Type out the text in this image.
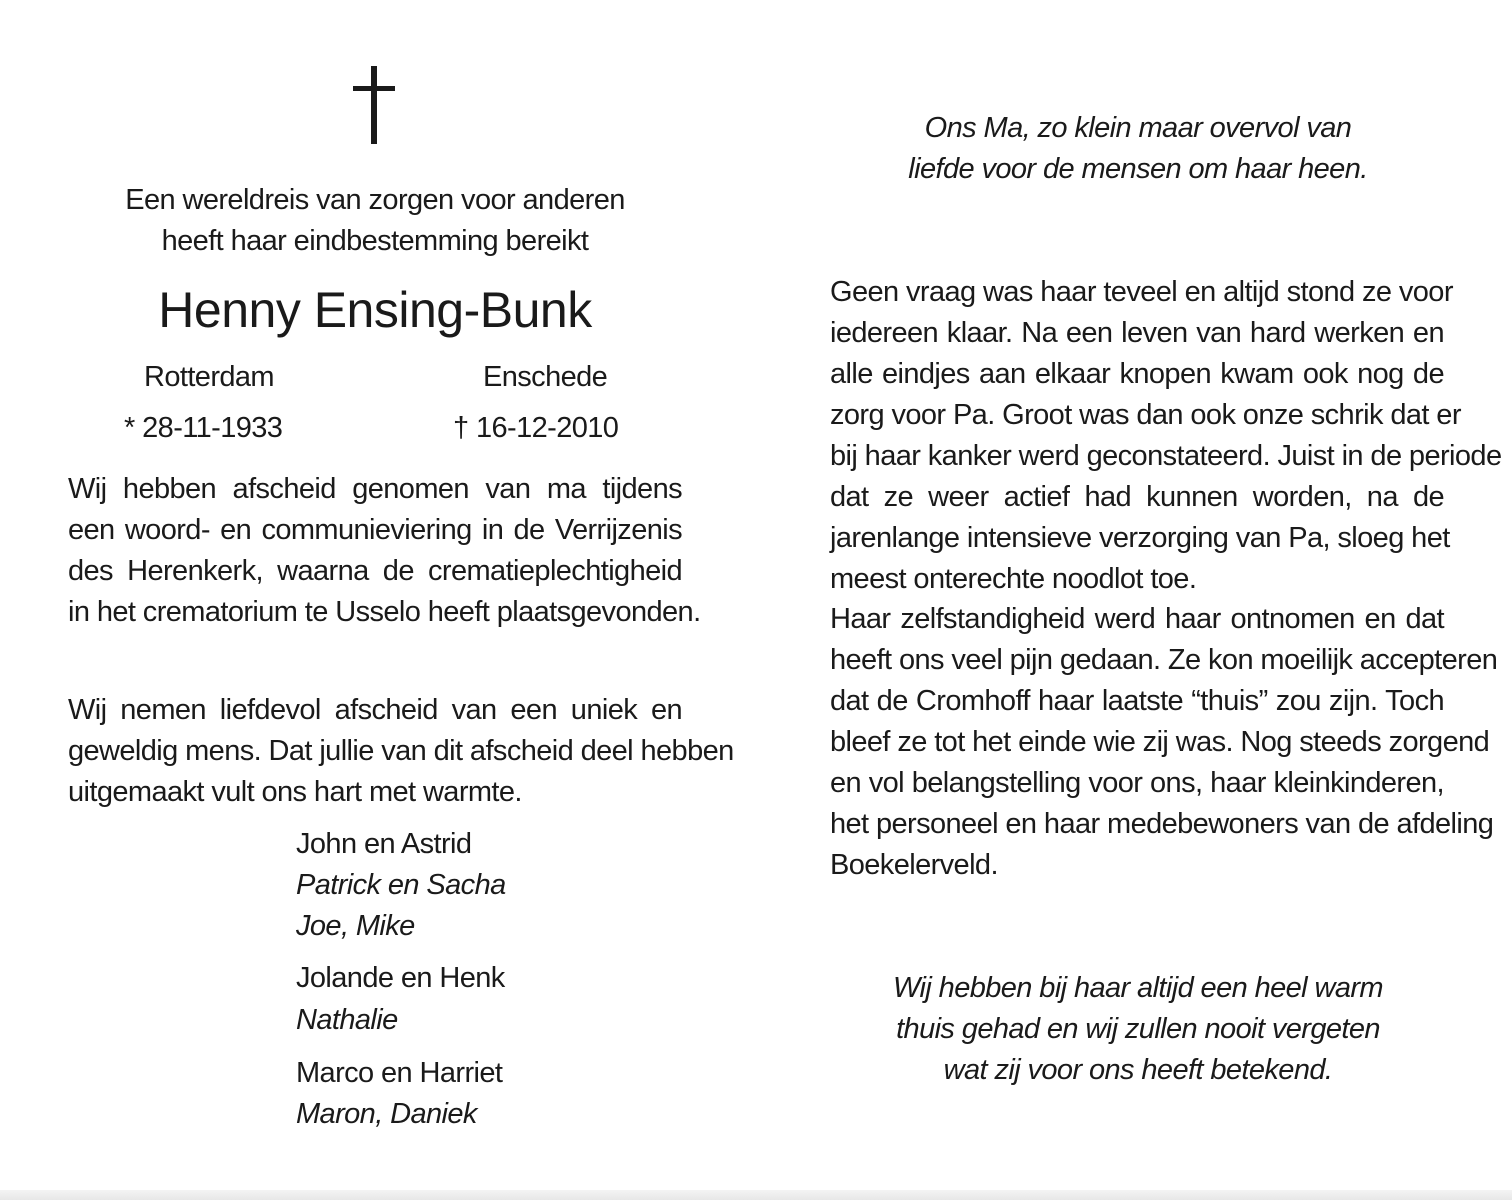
Een wereldreis van zorgen voor anderen
heeft haar eindbestemming bereikt
Henny Ensing-Bunk
Rotterdam	Enschede
* 28-11-1933	† 16-12-2010
Wij hebben afscheid genomen van ma tijdens
een woord- en communieviering in de Verrijzenis
des Herenkerk, waarna de crematieplechtigheid
in het crematorium te Usselo heeft plaatsgevonden.
Wij nemen liefdevol afscheid van een uniek en
geweldig mens. Dat jullie van dit afscheid deel hebben
uitgemaakt vult ons hart met warmte.
John en Astrid
Patrick en Sacha
Joe, Mike
Jolande en Henk
Nathalie
Marco en Harriet
Maron, Daniek
Ons Ma, zo klein maar overvol van
liefde voor de mensen om haar heen.
Geen vraag was haar teveel en altijd stond ze voor
iedereen klaar. Na een leven van hard werken en
alle eindjes aan elkaar knopen kwam ook nog de
zorg voor Pa. Groot was dan ook onze schrik dat er
bij haar kanker werd geconstateerd. Juist in de periode
dat ze weer actief had kunnen worden, na de
jarenlange intensieve verzorging van Pa, sloeg het
meest onterechte noodlot toe.
Haar zelfstandigheid werd haar ontnomen en dat
heeft ons veel pijn gedaan. Ze kon moeilijk accepteren
dat de Cromhoff haar laatste “thuis” zou zijn. Toch
bleef ze tot het einde wie zij was. Nog steeds zorgend
en vol belangstelling voor ons, haar kleinkinderen,
het personeel en haar medebewoners van de afdeling
Boekelerveld.
Wij hebben bij haar altijd een heel warm
thuis gehad en wij zullen nooit vergeten
wat zij voor ons heeft betekend.
